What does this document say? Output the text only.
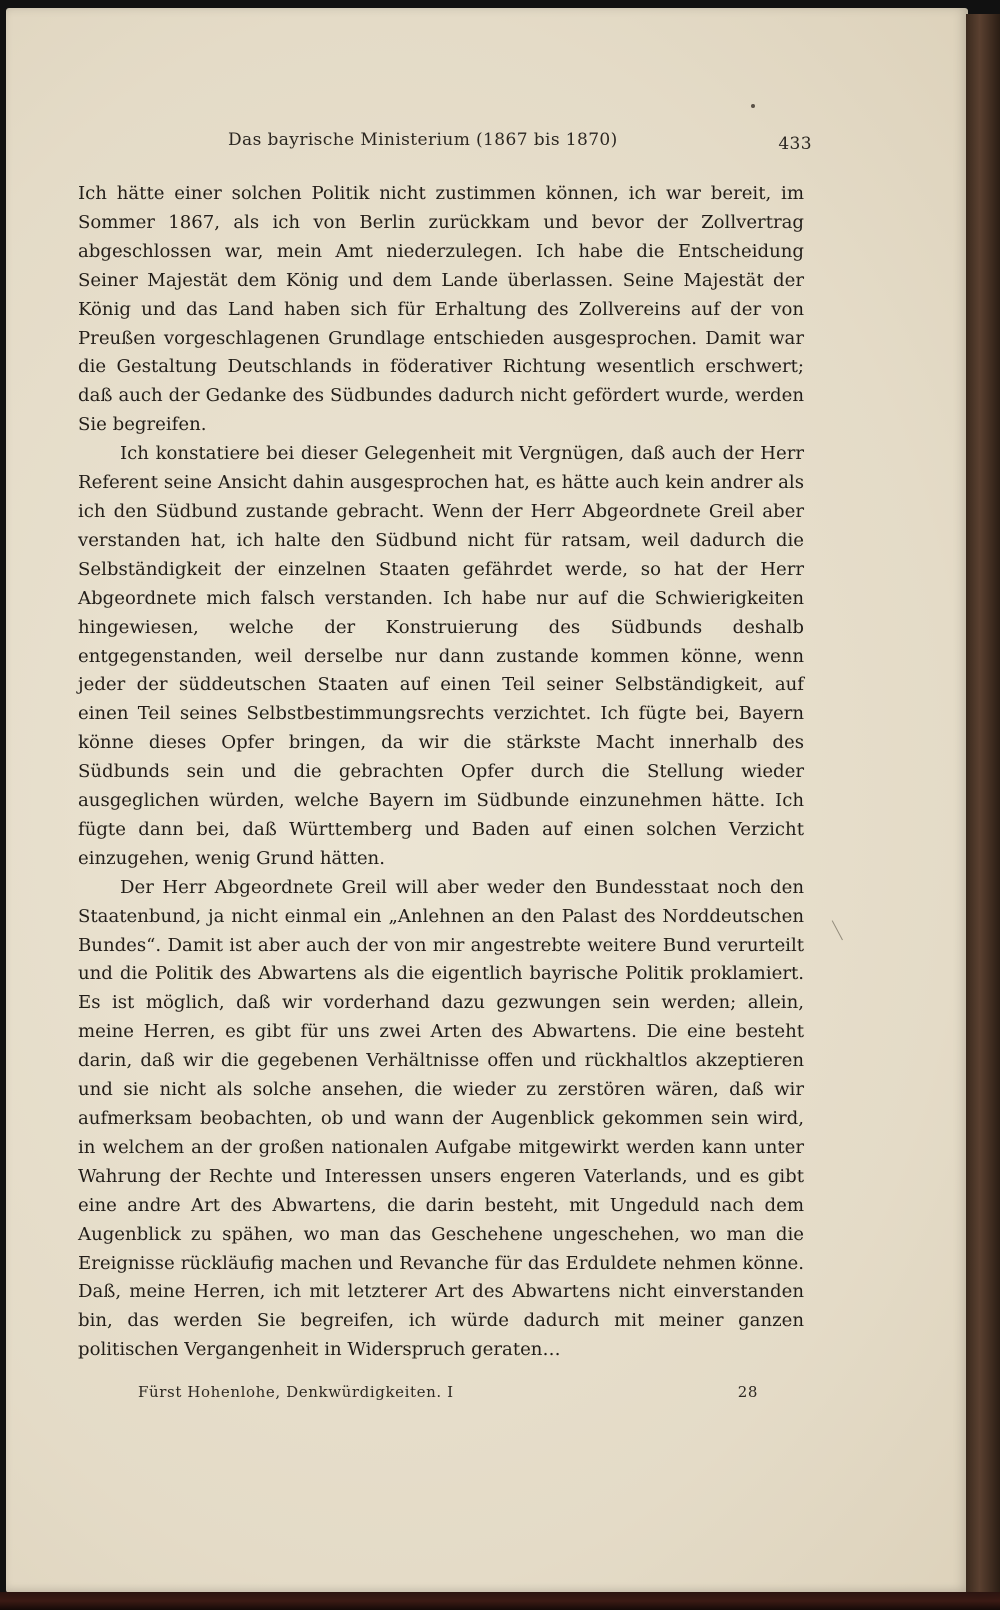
Das bayrische Ministerium (1867 bis 1870)	433

Ich hätte einer solchen Politik nicht zustimmen können, ich war bereit, im Sommer 1867, als ich von Berlin zurückkam und bevor der Zollvertrag abgeschlossen war, mein Amt niederzulegen. Ich habe die Entscheidung Seiner Majestät dem König und dem Lande überlassen. Seine Majestät der König und das Land haben sich für Erhaltung des Zollvereins auf der von Preußen vorgeschlagenen Grundlage entschieden ausgesprochen. Damit war die Gestaltung Deutschlands in föderativer Richtung wesentlich erschwert; daß auch der Gedanke des Südbundes dadurch nicht gefördert wurde, werden Sie begreifen.

Ich konstatiere bei dieser Gelegenheit mit Vergnügen, daß auch der Herr Referent seine Ansicht dahin ausgesprochen hat, es hätte auch kein andrer als ich den Südbund zustande gebracht. Wenn der Herr Abgeordnete Greil aber verstanden hat, ich halte den Südbund nicht für ratsam, weil dadurch die Selbständigkeit der einzelnen Staaten gefährdet werde, so hat der Herr Abgeordnete mich falsch verstanden. Ich habe nur auf die Schwierigkeiten hingewiesen, welche der Konstruierung des Südbunds deshalb entgegenstanden, weil derselbe nur dann zustande kommen könne, wenn jeder der süddeutschen Staaten auf einen Teil seiner Selbständigkeit, auf einen Teil seines Selbstbestimmungsrechts verzichtet. Ich fügte bei, Bayern könne dieses Opfer bringen, da wir die stärkste Macht innerhalb des Südbunds sein und die gebrachten Opfer durch die Stellung wieder ausgeglichen würden, welche Bayern im Südbunde einzunehmen hätte. Ich fügte dann bei, daß Württemberg und Baden auf einen solchen Verzicht einzugehen, wenig Grund hätten.

Der Herr Abgeordnete Greil will aber weder den Bundesstaat noch den Staatenbund, ja nicht einmal ein „Anlehnen an den Palast des Norddeutschen Bundes“. Damit ist aber auch der von mir angestrebte weitere Bund verurteilt und die Politik des Abwartens als die eigentlich bayrische Politik proklamiert. Es ist möglich, daß wir vorderhand dazu gezwungen sein werden; allein, meine Herren, es gibt für uns zwei Arten des Abwartens. Die eine besteht darin, daß wir die gegebenen Verhältnisse offen und rückhaltlos akzeptieren und sie nicht als solche ansehen, die wieder zu zerstören wären, daß wir aufmerksam beobachten, ob und wann der Augenblick gekommen sein wird, in welchem an der großen nationalen Aufgabe mitgewirkt werden kann unter Wahrung der Rechte und Interessen unsers engeren Vaterlands, und es gibt eine andre Art des Abwartens, die darin besteht, mit Ungeduld nach dem Augenblick zu spähen, wo man das Geschehene ungeschehen, wo man die Ereignisse rückläufig machen und Revanche für das Erduldete nehmen könne. Daß, meine Herren, ich mit letzterer Art des Abwartens nicht einverstanden bin, das werden Sie begreifen, ich würde dadurch mit meiner ganzen politischen Vergangenheit in Widerspruch geraten…

Fürst Hohenlohe, Denkwürdigkeiten. I	28
